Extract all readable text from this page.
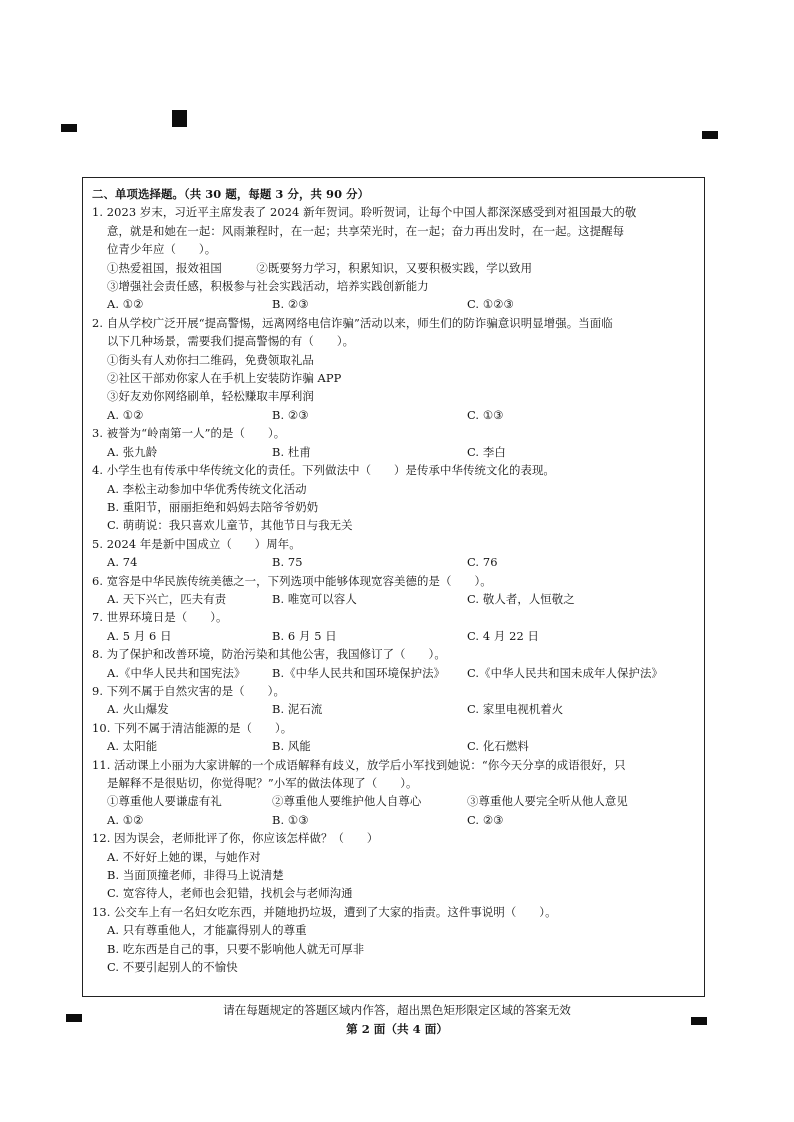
二、单项选择题。（共 30 题，每题 3 分，共 90 分）

1. 2023 岁末，习近平主席发表了 2024 新年贺词。聆听贺词，让每个中国人都深深感受到对祖国最大的敬

意，就是和她在一起：风雨兼程时，在一起；共享荣光时，在一起；奋力再出发时，在一起。这提醒每

位青少年应（　　）。

①热爱祖国，报效祖国　　　②既要努力学习，积累知识，又要积极实践，学以致用

③增强社会责任感，积极参与社会实践活动，培养实践创新能力

A. ①②	B. ②③	C. ①②③

2. 自从学校广泛开展“提高警惕，远离网络电信诈骗”活动以来，师生们的防诈骗意识明显增强。当面临

以下几种场景，需要我们提高警惕的有（　　）。

①街头有人劝你扫二维码，免费领取礼品

②社区干部劝你家人在手机上安装防诈骗 APP

③好友劝你网络刷单，轻松赚取丰厚利润

A. ①②	B. ②③	C. ①③

3. 被誉为“岭南第一人”的是（　　）。

A. 张九龄	B. 杜甫	C. 李白

4. 小学生也有传承中华传统文化的责任。下列做法中（　　）是传承中华传统文化的表现。

A. 李松主动参加中华优秀传统文化活动

B. 重阳节，丽丽拒绝和妈妈去陪爷爷奶奶

C. 萌萌说：我只喜欢儿童节，其他节日与我无关

5. 2024 年是新中国成立（　　）周年。

A. 74	B. 75	C. 76

6. 宽容是中华民族传统美德之一，下列选项中能够体现宽容美德的是（　　）。

A. 天下兴亡，匹夫有责	B. 唯宽可以容人	C. 敬人者，人恒敬之

7. 世界环境日是（　　）。

A. 5 月 6 日	B. 6 月 5 日	C. 4 月 22 日

8. 为了保护和改善环境，防治污染和其他公害，我国修订了（　　）。

A.《中华人民共和国宪法》	B.《中华人民共和国环境保护法》	C.《中华人民共和国未成年人保护法》

9. 下列不属于自然灾害的是（　　）。

A. 火山爆发	B. 泥石流	C. 家里电视机着火

10. 下列不属于清洁能源的是（　　）。

A. 太阳能	B. 风能	C. 化石燃料

11. 活动课上小丽为大家讲解的一个成语解释有歧义，放学后小军找到她说：“你今天分享的成语很好，只

是解释不是很贴切，你觉得呢？”小军的做法体现了（　　）。

①尊重他人要谦虚有礼	②尊重他人要维护他人自尊心	③尊重他人要完全听从他人意见
A. ①②	B. ①③	C. ②③

12. 因为误会，老师批评了你，你应该怎样做？（　　）

A. 不好好上她的课，与她作对

B. 当面顶撞老师，非得马上说清楚

C. 宽容待人，老师也会犯错，找机会与老师沟通

13. 公交车上有一名妇女吃东西，并随地扔垃圾，遭到了大家的指责。这件事说明（　　）。

A. 只有尊重他人，才能赢得别人的尊重

B. 吃东西是自己的事，只要不影响他人就无可厚非

C. 不要引起别人的不愉快

请在每题规定的答题区域内作答，超出黑色矩形限定区域的答案无效
第 2 面（共 4 面）
